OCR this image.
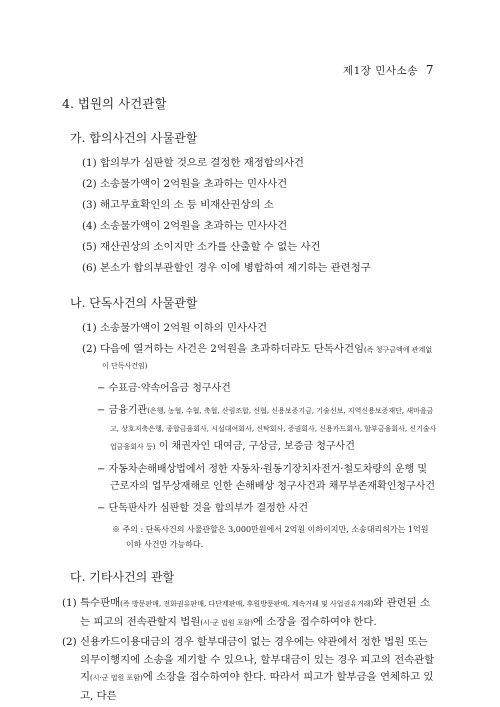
제1장 민사소송 7
4. 법원의 사건관할
가. 합의사건의 사물관할
(1) 합의부가 심판할 것으로 결정한 재정합의사건
(2) 소송물가액이 2억원을 초과하는 민사사건
(3) 해고무효확인의 소 등 비재산권상의 소
(4) 소송물가액이 2억원을 초과하는 민사사건
(5) 재산권상의 소이지만 소가를 산출할 수 없는 사건
(6) 본소가 합의부관할인 경우 이에 병합하여 제기하는 관련청구
나. 단독사건의 사물관할
(1) 소송물가액이 2억원 이하의 민사사건
(2) 다음에 열거하는 사건은 2억원을 초과하더라도 단독사건임(즉 청구금액에 관계없이 단독사건임)
− 수표금·약속어음금 청구사건
− 금융기관(은행, 농협, 수협, 축협, 산림조합, 신협, 신용보증기금, 기술신보, 지역신용보증재단, 새마을금고, 상호저축은행, 종합금융회사, 시설대여회사, 신탁회사, 증권회사, 신용카드회사, 할부금융회사, 신기술사업금융회사 등) 이 채권자인 대여금, 구상금, 보증금 청구사건
− 자동차손해배상법에서 정한 자동차·원동기장치자전거·철도차량의 운행 및 근로자의 업무상재해로 인한 손해배상 청구사건과 채무부존재확인청구사건
− 단독판사가 심판할 것을 합의부가 결정한 사건
※ 주의 : 단독사건의 사물관할은 3,000만원에서 2억원 이하이지만, 소송대리허가는 1억원 이하 사건만 가능하다.
다. 기타사건의 관할
(1) 특수판매(즉 방문판매, 전화권유판매, 다단계판매, 후원방문판매, 계속거래 및 사업권유거래)와 관련된 소는 피고의 전속관할지 법원(시·군 법원 포함)에 소장을 접수하여야 한다.
(2) 신용카드이용대금의 경우 할부대금이 없는 경우에는 약관에서 정한 법원 또는 의무이행지에 소송을 제기할 수 있으나, 할부대금이 있는 경우 피고의 전속관할지(시·군 법원 포함)에 소장을 접수하여야 한다. 따라서 피고가 할부금을 연체하고 있고, 다른
